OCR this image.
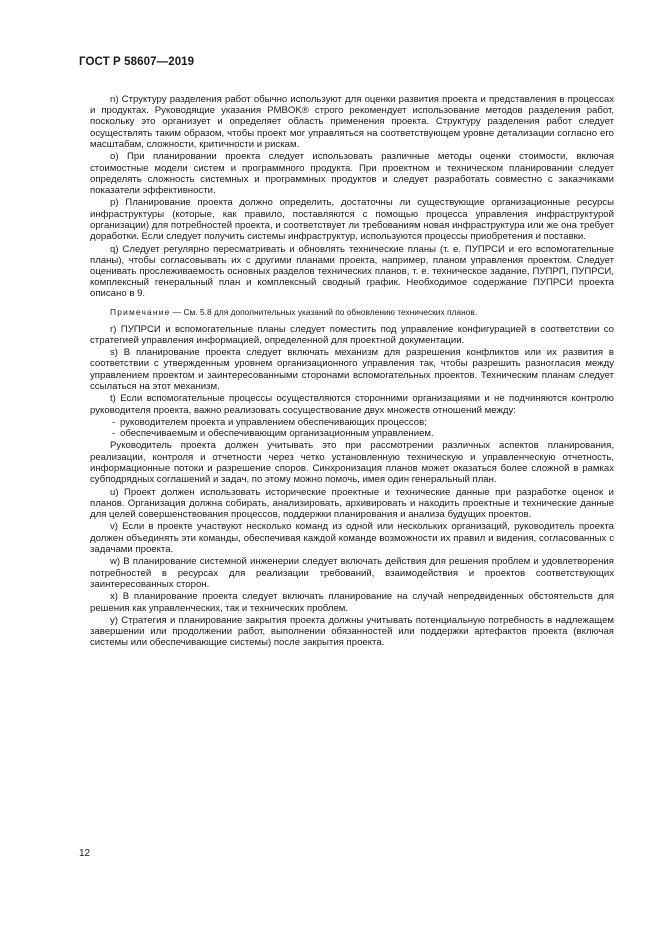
ГОСТ Р 58607—2019

n) Структуру разделения работ обычно используют для оценки развития проекта и представления в процессах и продуктах. Руководящие указания PMBOK® строго рекомендует использование методов разделения работ, поскольку это организует и определяет область применения проекта. Структуру разделения работ следует осуществлять таким образом, чтобы проект мог управляться на соответствующем уровне детализации согласно его масштабам, сложности, критичности и рискам.

o) При планировании проекта следует использовать различные методы оценки стоимости, включая стоимостные модели систем и программного продукта. При проектном и техническом планировании следует определять сложность системных и программных продуктов и следует разработать совместно с заказчиками показатели эффективности.

p) Планирование проекта должно определить, достаточны ли существующие организационные ресурсы инфраструктуры (которые, как правило, поставляются с помощью процесса управления инфраструктурой организации) для потребностей проекта, и соответствует ли требованиям новая инфраструктура или же она требует доработки. Если следует получить системы инфраструктур, используются процессы приобретения и поставки.

q) Следует регулярно пересматривать и обновлять технические планы (т. е. ПУПРСИ и его вспомогательные планы), чтобы согласовывать их с другими планами проекта, например, планом управления проектом. Следует оценивать прослеживаемость основных разделов технических планов, т. е. техническое задание, ПУПРП, ПУПРСИ, комплексный генеральный план и комплексный сводный график. Необходимое содержание ПУПРСИ проекта описано в 9.

Примечание — См. 5.8 для дополнительных указаний по обновлению технических планов.

r) ПУПРСИ и вспомогательные планы следует поместить под управление конфигурацией в соответствии со стратегией управления информацией, определенной для проектной документации.

s) В планирование проекта следует включать механизм для разрешения конфликтов или их развития в соответствии с утвержденным уровнем организационного управления так, чтобы разрешить разногласия между управлением проектом и заинтересованными сторонами вспомогательных проектов. Техническим планам следует ссылаться на этот механизм.

t) Если вспомогательные процессы осуществляются сторонними организациями и не подчиняются контролю руководителя проекта, важно реализовать сосуществование двух множеств отношений между:

- руководителем проекта и управлением обеспечивающих процессов;
- обеспечиваемым и обеспечивающим организационным управлением.

Руководитель проекта должен учитывать это при рассмотрении различных аспектов планирования, реализации, контроля и отчетности через четко установленную техническую и управленческую отчетность, информационные потоки и разрешение споров. Синхронизация планов может оказаться более сложной в рамках субподрядных соглашений и задач, по этому можно помочь, имея один генеральный план.

u) Проект должен использовать исторические проектные и технические данные при разработке оценок и планов. Организация должна собирать, анализировать, архивировать и находить проектные и технические данные для целей совершенствования процессов, поддержки планирования и анализа будущих проектов.

v) Если в проекте участвуют несколько команд из одной или нескольких организаций, руководитель проекта должен объединять эти команды, обеспечивая каждой команде возможности их правил и видения, согласованных с задачами проекта.

w) В планирование системной инженерии следует включать действия для решения проблем и удовлетворения потребностей в ресурсах для реализации требований, взаимодействия и проектов соответствующих заинтересованных сторон.

x) В планирование проекта следует включать планирование на случай непредвиденных обстоятельств для решения как управленческих, так и технических проблем.

y) Стратегия и планирование закрытия проекта должны учитывать потенциальную потребность в надлежащем завершении или продолжении работ, выполнении обязанностей или поддержки артефактов проекта (включая системы или обеспечивающие системы) после закрытия проекта.

12
